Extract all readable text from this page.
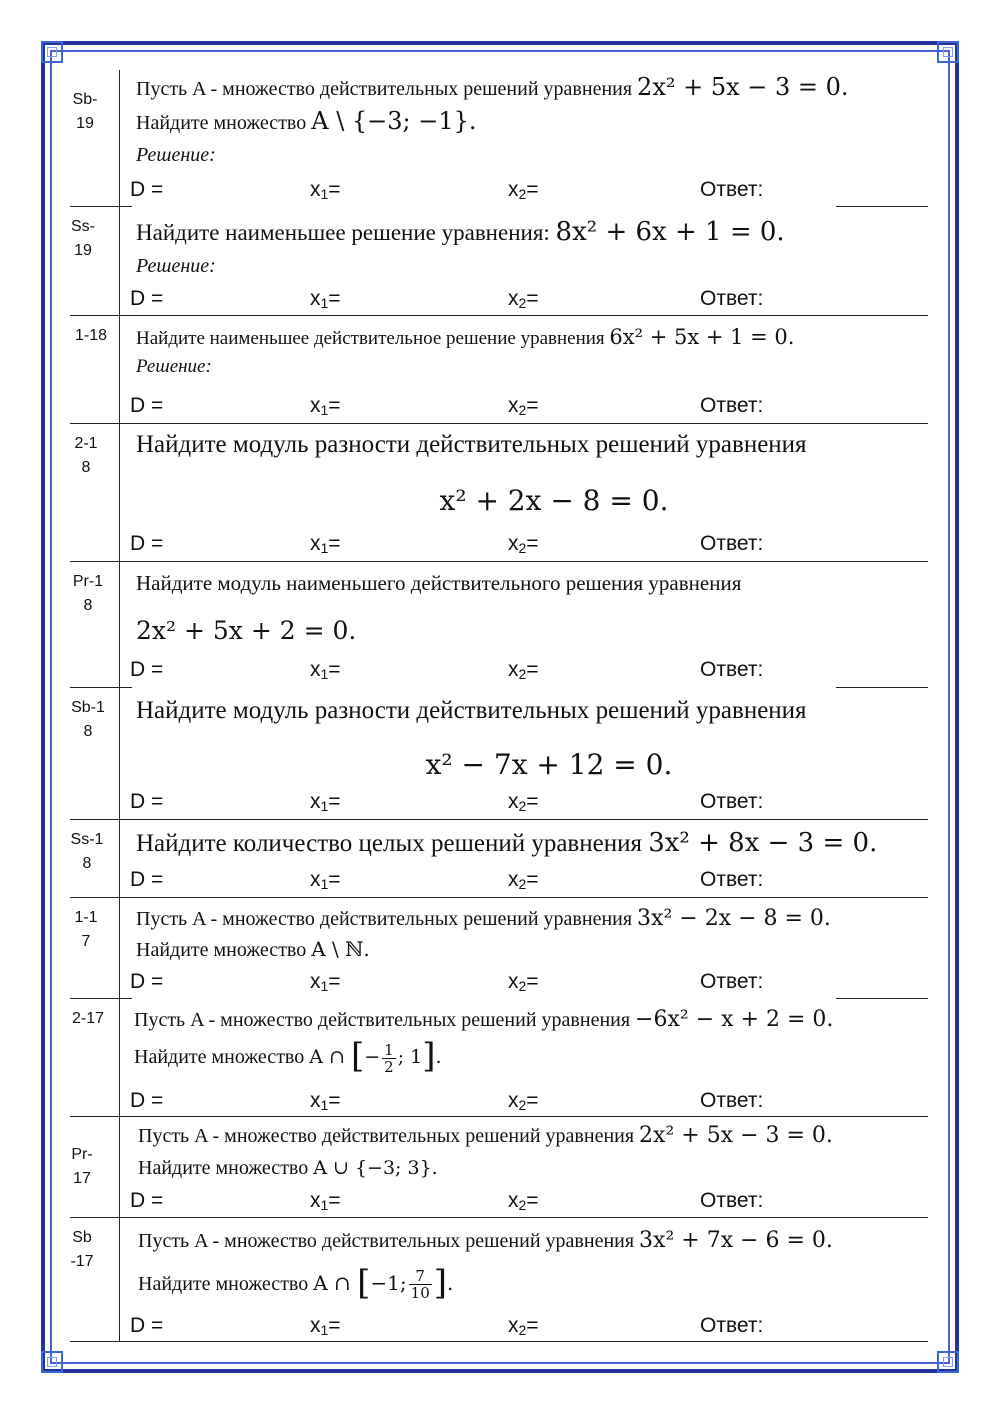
Sb-19
Пусть A - множество действительных решений уравнения 2x² + 5x − 3 = 0.
Найдите множество A \ {−3; −1}.
Решение:
D =	$x_1=$	$x_2=$	Ответ:
Ss-19
Найдите наименьшее решение уравнения: 8x² + 6x + 1 = 0.
Решение:
D =	$x_1=$	$x_2=$	Ответ:
1-18 Найдите наименьшее действительное решение уравнения 6x² + 5x + 1 = 0.
Решение:
D =	$x_1=$	$x_2=$	Ответ:
2-18
Найдите модуль разности действительных решений уравнения
x² + 2x − 8 = 0.
D =	$x_1=$	$x_2=$	Ответ:
Pr-18
Найдите модуль наименьшего действительного решения уравнения
2x² + 5x + 2 = 0.
D =	$x_1=$	$x_2=$	Ответ:
Sb-18
Найдите модуль разности действительных решений уравнения
x² − 7x + 12 = 0.
D =	$x_1=$	$x_2=$	Ответ:
Ss-18
Найдите количество целых решений уравнения 3x² + 8x − 3 = 0.
D =	$x_1=$	$x_2=$	Ответ:
1-17
Пусть A - множество действительных решений уравнения 3x² − 2x − 8 = 0.
Найдите множество A \ ℕ.
D =	$x_1=$	$x_2=$	Ответ:
2-17 Пусть A - множество действительных решений уравнения −6x² − x + 2 = 0.
Найдите множество A ∩ [− $\frac{1}{2}$ ; 1].
D =	$x_1=$	$x_2=$	Ответ:
Pr-17
Пусть A - множество действительных решений уравнения 2x² + 5x − 3 = 0.
Найдите множество A ∪ {−3; 3}.
D =	$x_1=$	$x_2=$	Ответ:
Sb-17
Пусть A - множество действительных решений уравнения 3x² + 7x − 6 = 0.
Найдите множество A ∩ [−1; $\frac{7}{10}$ ].
D =	$x_1=$	$x_2=$	Ответ:
